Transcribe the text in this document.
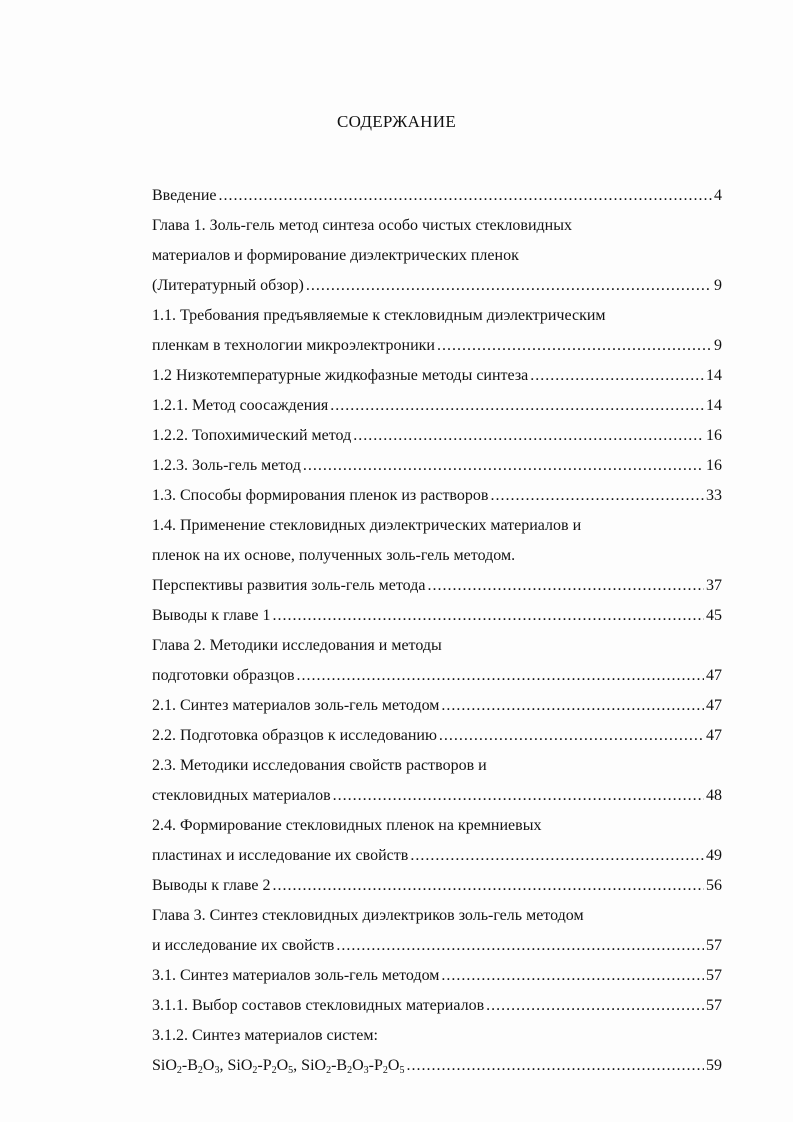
СОДЕРЖАНИЕ
Введение .....	4
Глава 1. Золь-гель метод синтеза особо чистых стекловидных
материалов и формирование диэлектрических пленок
(Литературный обзор) .....	9
1.1. Требования предъявляемые к стекловидным диэлектрическим
пленкам в технологии микроэлектроники .....	9
1.2 Низкотемпературные жидкофазные методы синтеза .....	14
1.2.1. Метод соосаждения .....	14
1.2.2. Топохимический метод .....	16
1.2.3. Золь-гель метод .....	16
1.3. Способы формирования пленок из растворов .....	33
1.4. Применение стекловидных диэлектрических материалов и
пленок на их основе, полученных золь-гель методом.
Перспективы развития золь-гель метода .....	37
Выводы к главе 1 .....	45
Глава 2. Методики исследования и методы
подготовки образцов .....	47
2.1. Синтез материалов золь-гель методом .....	47
2.2. Подготовка образцов к исследованию .....	47
2.3. Методики исследования свойств растворов и
стекловидных материалов .....	48
2.4. Формирование стекловидных пленок на кремниевых
пластинах и исследование их свойств .....	49
Выводы к главе 2 .....	56
Глава 3. Синтез стекловидных диэлектриков золь-гель методом
и исследование их свойств .....	57
3.1. Синтез материалов золь-гель методом .....	57
3.1.1. Выбор составов стекловидных материалов .....	57
3.1.2. Синтез материалов систем:
$SiO_2-B_2O_3$, $SiO_2-P_2O_5$, $SiO_2-B_2O_3-P_2O_5$ .....	59
